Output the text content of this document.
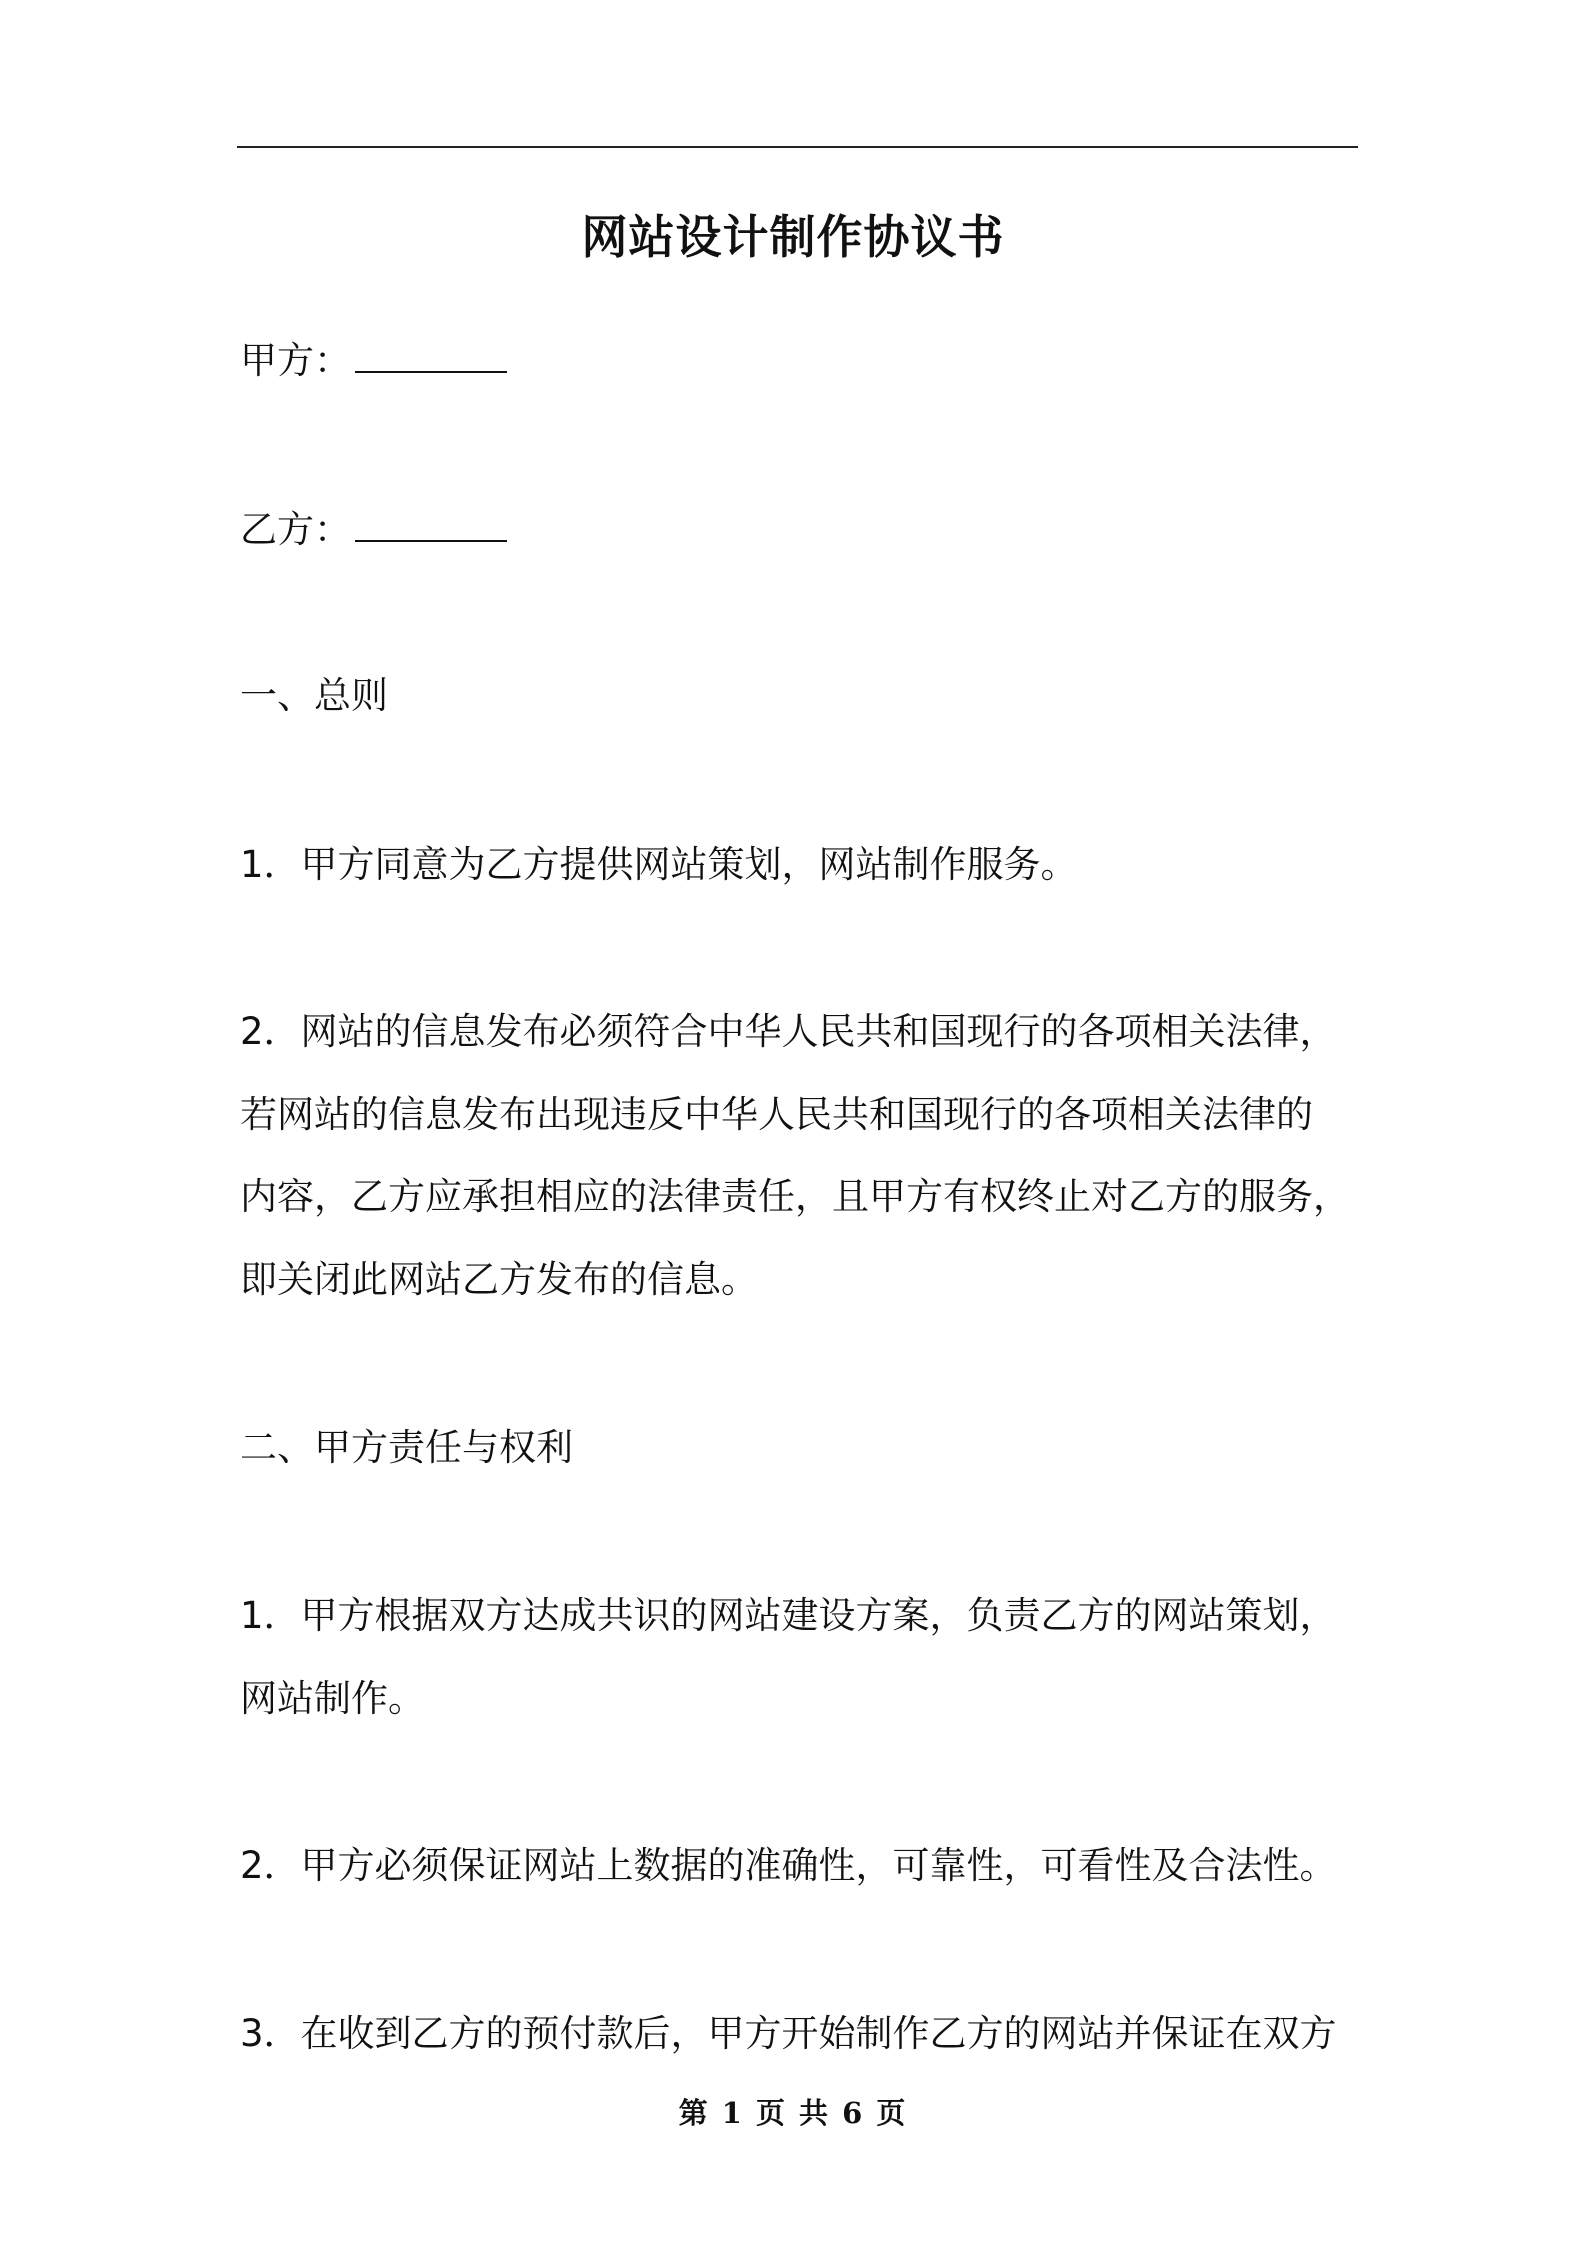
网站设计制作协议书
甲方：
乙方：
一、总则
1．甲方同意为乙方提供网站策划，网站制作服务。
2．网站的信息发布必须符合中华人民共和国现行的各项相关法律，
若网站的信息发布出现违反中华人民共和国现行的各项相关法律的
内容，乙方应承担相应的法律责任，且甲方有权终止对乙方的服务，
即关闭此网站乙方发布的信息。
二、甲方责任与权利
1．甲方根据双方达成共识的网站建设方案，负责乙方的网站策划，
网站制作。
2．甲方必须保证网站上数据的准确性，可靠性，可看性及合法性。
3．在收到乙方的预付款后，甲方开始制作乙方的网站并保证在双方
第 1 页 共 6 页
